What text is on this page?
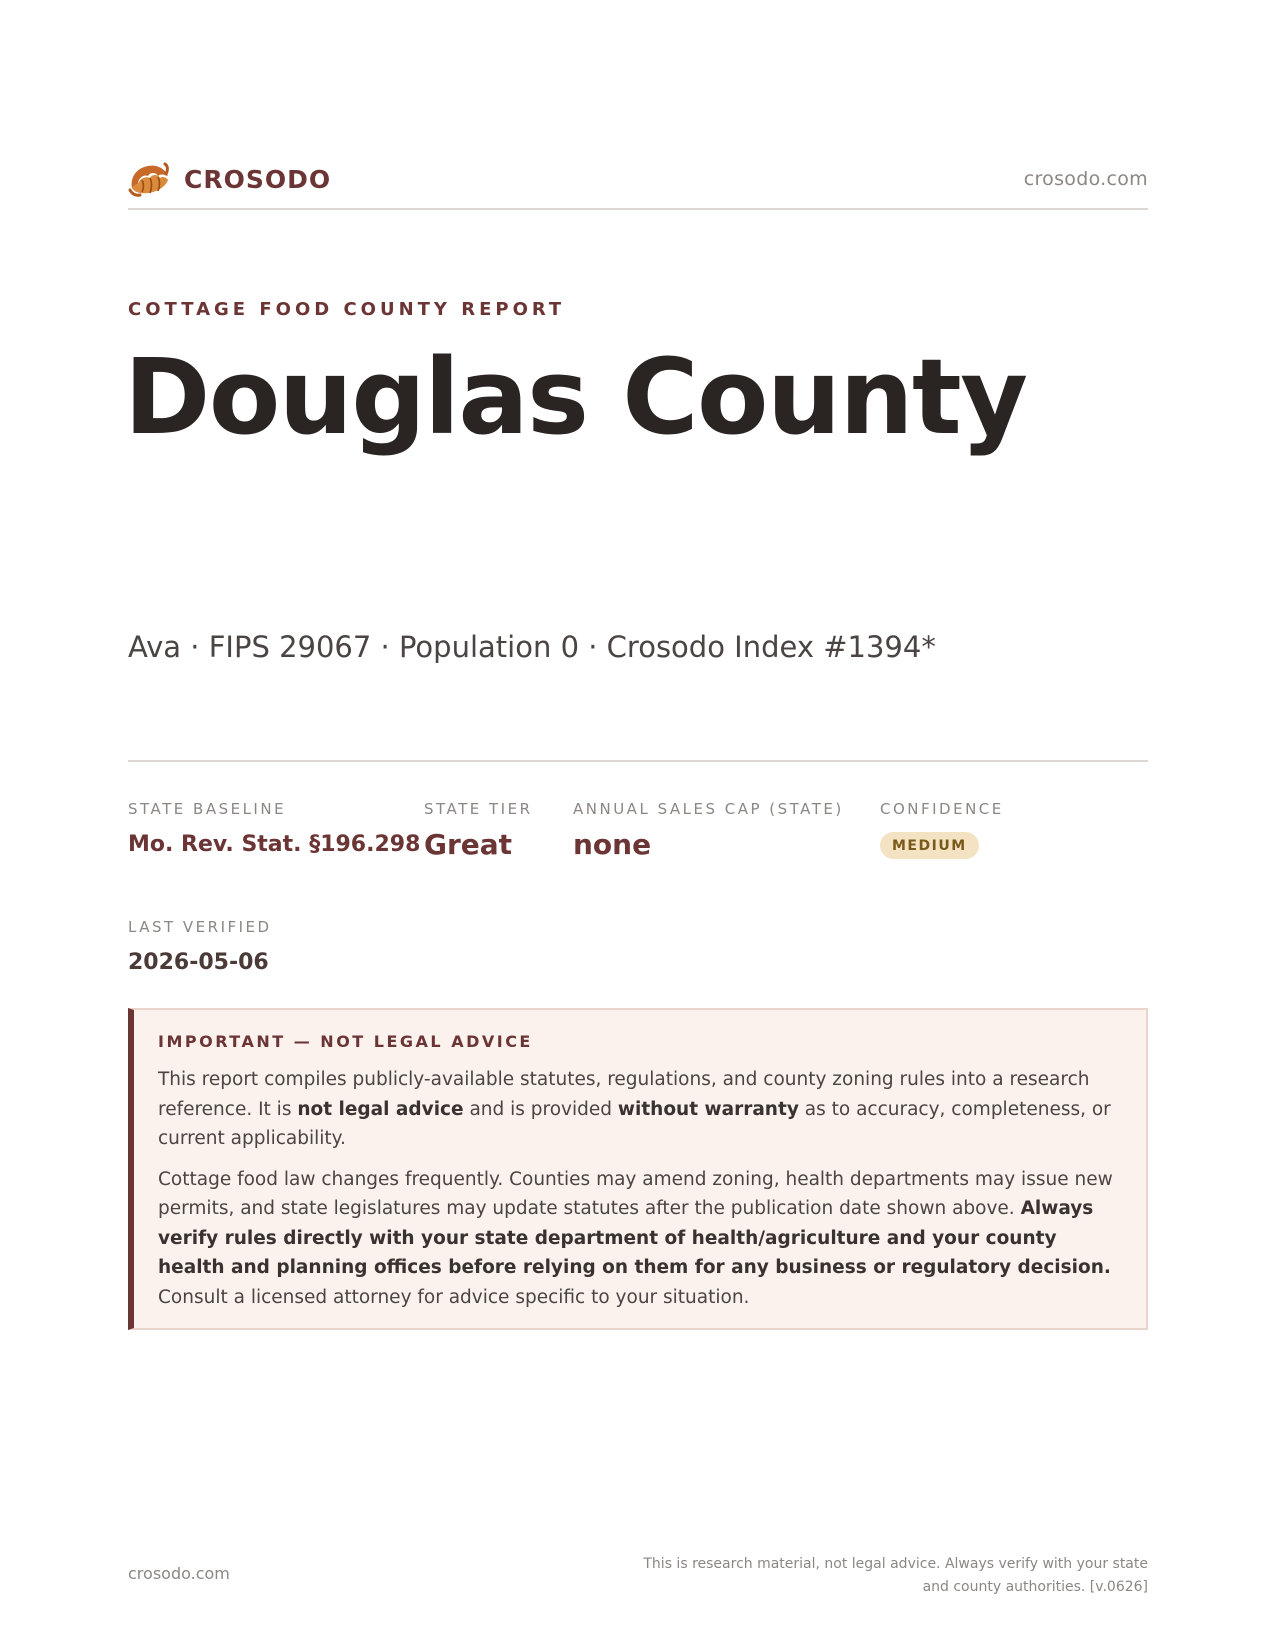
CROSODO	crosodo.com
COTTAGE FOOD COUNTY REPORT
Douglas County
Ava · FIPS 29067 · Population 0 · Crosodo Index #1394*
STATE BASELINE
Mo. Rev. Stat. §196.298
STATE TIER
Great
ANNUAL SALES CAP (STATE)
none
CONFIDENCE
MEDIUM
LAST VERIFIED
2026-05-06
IMPORTANT — NOT LEGAL ADVICE

This report compiles publicly-available statutes, regulations, and county zoning rules into a research reference. It is not legal advice and is provided without warranty as to accuracy, completeness, or current applicability.

Cottage food law changes frequently. Counties may amend zoning, health departments may issue new permits, and state legislatures may update statutes after the publication date shown above. Always verify rules directly with your state department of health/agriculture and your county health and planning offices before relying on them for any business or regulatory decision. Consult a licensed attorney for advice specific to your situation.

crosodo.com	This is research material, not legal advice. Always verify with your state
and county authorities. [v.0626]
